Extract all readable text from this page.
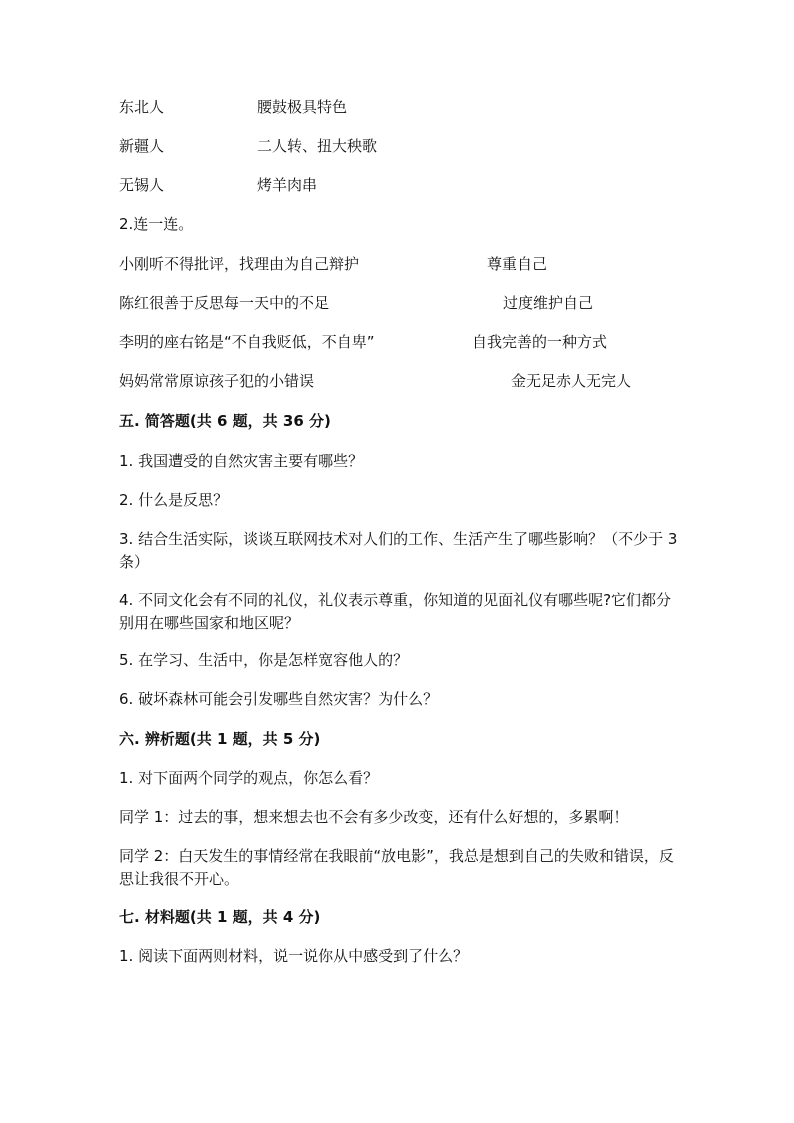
东北人	腰鼓极具特色
新疆人	二人转、扭大秧歌
无锡人	烤羊肉串
2.连一连。
小刚听不得批评，找理由为自己辩护	尊重自己
陈红很善于反思每一天中的不足	过度维护自己
李明的座右铭是“不自我贬低，不自卑”	自我完善的一种方式
妈妈常常原谅孩子犯的小错误	金无足赤人无完人
五. 简答题(共 6 题，共 36 分)
1. 我国遭受的自然灾害主要有哪些？
2. 什么是反思？
3. 结合生活实际，谈谈互联网技术对人们的工作、生活产生了哪些影响？（不少于 3 条）
4. 不同文化会有不同的礼仪，礼仪表示尊重，你知道的见面礼仪有哪些呢?它们都分别用在哪些国家和地区呢？
5. 在学习、生活中，你是怎样宽容他人的？
6. 破坏森林可能会引发哪些自然灾害？为什么？
六. 辨析题(共 1 题，共 5 分)
1. 对下面两个同学的观点，你怎么看？
同学 1：过去的事，想来想去也不会有多少改变，还有什么好想的，多累啊！
同学 2：白天发生的事情经常在我眼前“放电影”，我总是想到自己的失败和错误，反思让我很不开心。
七. 材料题(共 1 题，共 4 分)
1. 阅读下面两则材料，说一说你从中感受到了什么？
